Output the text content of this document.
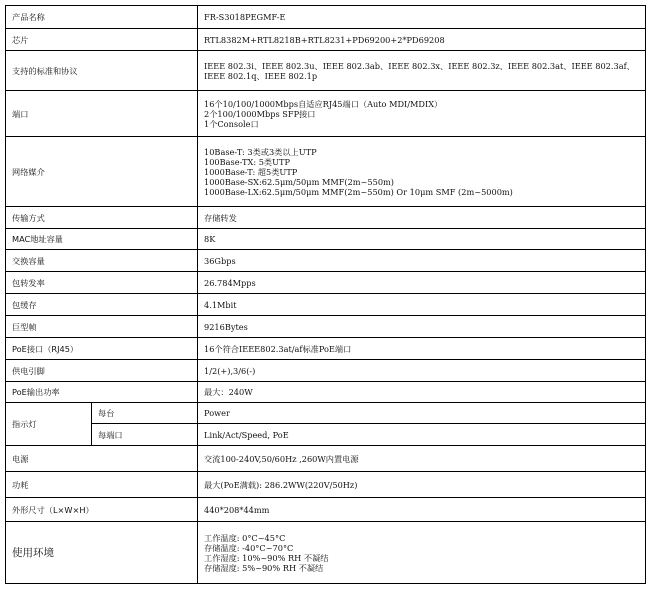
产品名称		FR-S3018PEGMF-E
芯片		RTL8382M+RTL8218B+RTL8231+PD69200+2*PD69208
支持的标准和协议		IEEE 802.3i、IEEE 802.3u、IEEE 802.3ab、IEEE 802.3x、IEEE 802.3z、IEEE 802.3at、IEEE 802.3af、IEEE 802.1q、IEEE 802.1p
端口		16个10/100/1000Mbps自适应RJ45端口（Auto MDI/MDIX）
2个100/1000Mbps SFP接口
1个Console口

网络媒介		10Base-T: 3类或3类以上UTP
100Base-TX: 5类UTP
1000Base-T: 超5类UTP
1000Base-SX:62.5μm/50μm MMF(2m~550m)
1000Base-LX:62.5μm/50μm MMF(2m~550m) Or 10μm SMF (2m~5000m)

传输方式		存储转发
MAC地址容量		8K
交换容量		36Gbps
包转发率		26.784Mpps
包缓存		4.1Mbit
巨型帧		9216Bytes
PoE接口（RJ45）		16个符合IEEE802.3at/af标准PoE端口
供电引脚		1/2(+),3/6(-)
PoE输出功率		最大：240W
指示灯	每台	Power
	每端口	Link/Act/Speed, PoE
电源		交流100-240V,50/60Hz ,260W内置电源
功耗		最大(PoE满载): 286.2WW(220V/50Hz)
外形尺寸（L×W×H）		440*208*44mm
使用环境		工作温度: 0°C~45°C
存储温度: -40°C~70°C
工作湿度: 10%~90% RH 不凝结
存储湿度: 5%~90% RH 不凝结
